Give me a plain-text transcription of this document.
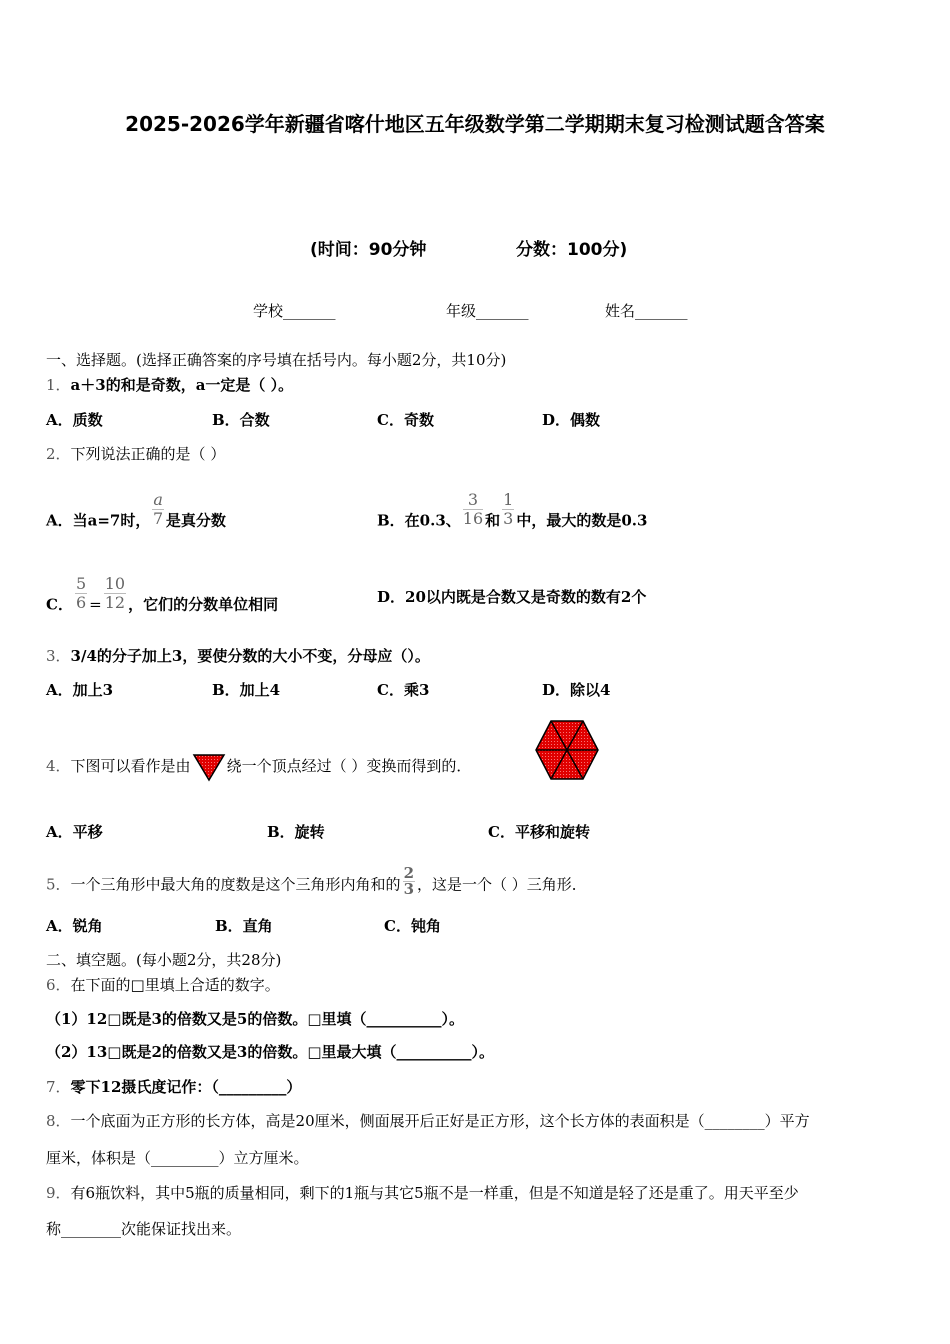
2025-2026学年新疆省喀什地区五年级数学第二学期期末复习检测试题含答案
(时间：90分钟	分数：100分)
学校_______	年级_______	姓名_______
一、选择题。(选择正确答案的序号填在括号内。每小题2分，共10分)
1．a＋3的和是奇数，a一定是（ ）。
A．质数	B．合数	C．奇数	D．偶数
2．下列说法正确的是（ ）
A．当a=7时， $\frac{a}{7}$ 是真分数	B．在0.3、 $\frac{3}{16}$ 和 $\frac{1}{3}$ 中，最大的数是0.3
C． $\frac{5}{6} = \frac{10}{12}$ ，它们的分数单位相同	D．20以内既是合数又是奇数的数有2个
3．3/4的分子加上3，要使分数的大小不变，分母应（）。
A．加上3	B．加上4	C．乘3	D．除以4
4．下图可以看作是由 绕一个顶点经过（ ）变换而得到的．
A．平移	B．旋转	C．平移和旋转
5．一个三角形中最大角的度数是这个三角形内角和的 $\frac{2}{3}$ ，这是一个（ ）三角形．
A．锐角	B．直角	C．钝角
二、填空题。(每小题2分，共28分)
6．在下面的□里填上合适的数字。
（1）12□既是3的倍数又是5的倍数。□里填（__________）。
（2）13□既是2的倍数又是3的倍数。□里最大填（__________）。
7．零下12摄氏度记作：（_________）
8．一个底面为正方形的长方体，高是20厘米，侧面展开后正好是正方形，这个长方体的表面积是（________）平方
厘米，体积是（_________）立方厘米。
9．有6瓶饮料，其中5瓶的质量相同，剩下的1瓶与其它5瓶不是一样重，但是不知道是轻了还是重了。用天平至少
称________次能保证找出来。
